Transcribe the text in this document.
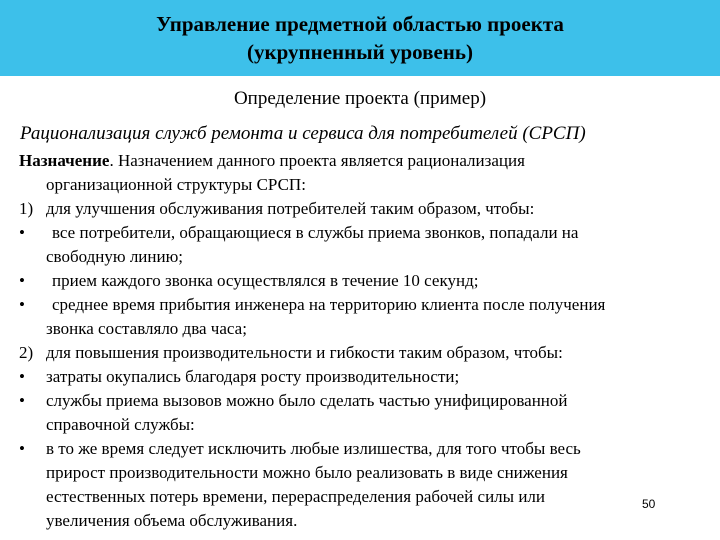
Управление предметной областью проекта
(укрупненный уровень)
Определение проекта (пример)
Рационализация служб ремонта и сервиса для потребителей (СРСП)
Назначение. Назначением данного проекта является рационализация
организационной структуры СРСП:
1) для улучшения обслуживания потребителей таким образом, чтобы:
• все потребители, обращающиеся в службы приема звонков, попадали на
свободную линию;
• прием каждого звонка осуществлялся в течение 10 секунд;
• среднее время прибытия инженера на территорию клиента после получения
звонка составляло два часа;
2) для повышения производительности и гибкости таким образом, чтобы:
• затраты окупались благодаря росту производительности;
• службы приема вызовов можно было сделать частью унифицированной
справочной службы:
• в то же время следует исключить любые излишества, для того чтобы весь
прирост производительности можно было реализовать в виде снижения
естественных потерь времени, перераспределения рабочей силы или
увеличения объема обслуживания.
50
